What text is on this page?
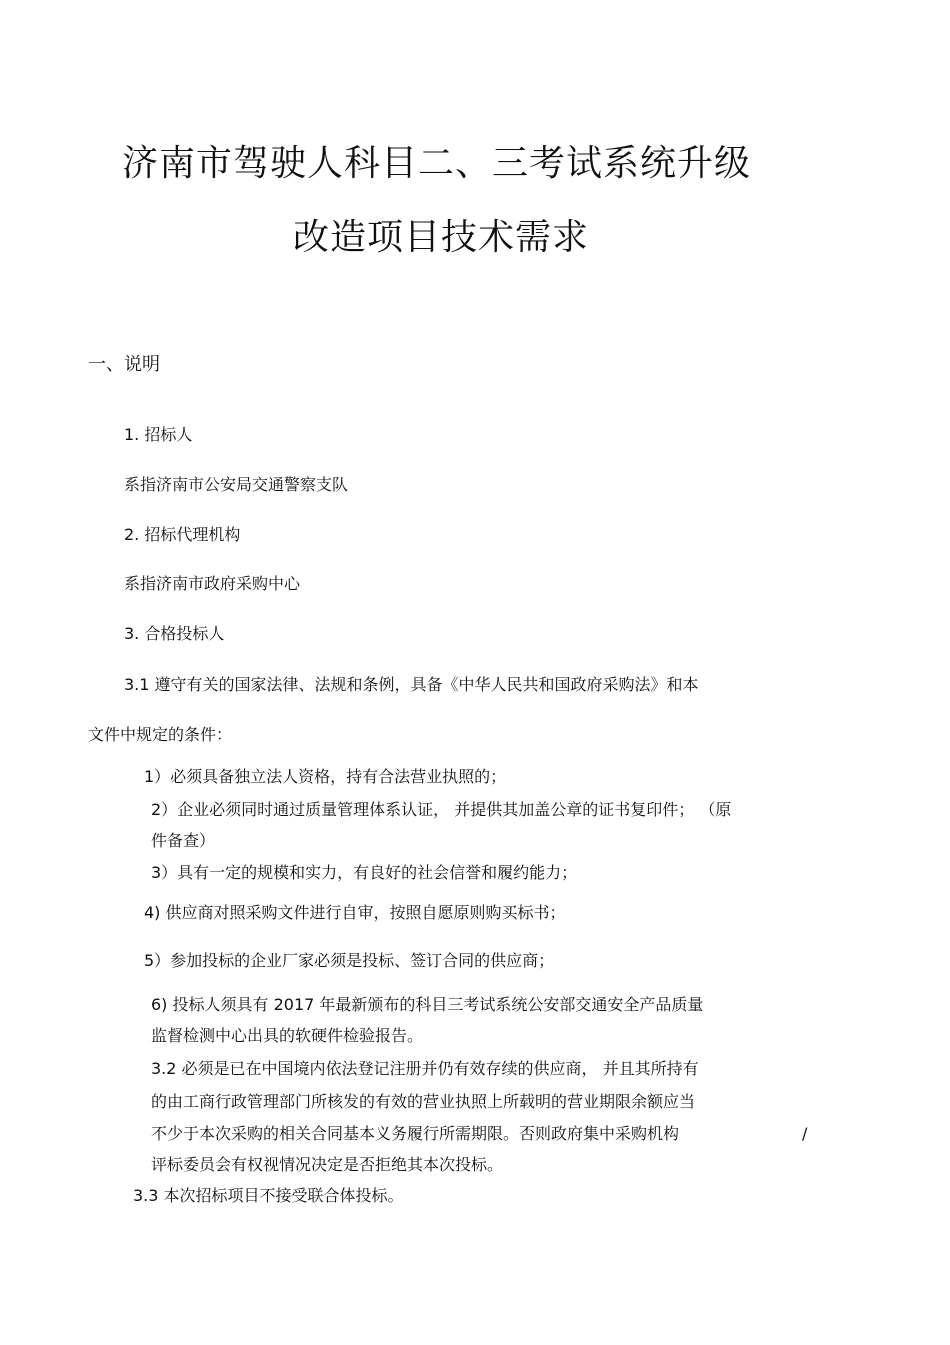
济南市驾驶人科目二、三考试系统升级
改造项目技术需求
一、说明
1. 招标人
系指济南市公安局交通警察支队
2. 招标代理机构
系指济南市政府采购中心
3. 合格投标人
3.1 遵守有关的国家法律、法规和条例，具备《中华人民共和国政府采购法》和本
文件中规定的条件：
1）必须具备独立法人资格，持有合法营业执照的；
2）企业必须同时通过质量管理体系认证， 并提供其加盖公章的证书复印件； （原
件备查）
3）具有一定的规模和实力，有良好的社会信誉和履约能力；
4) 供应商对照采购文件进行自审，按照自愿原则购买标书；
5）参加投标的企业厂家必须是投标、签订合同的供应商；
6) 投标人须具有 2017 年最新颁布的科目三考试系统公安部交通安全产品质量
监督检测中心出具的软硬件检验报告。
3.2 必须是已在中国境内依法登记注册并仍有效存续的供应商， 并且其所持有
的由工商行政管理部门所核发的有效的营业执照上所载明的营业期限余额应当
不少于本次采购的相关合同基本义务履行所需期限。否则政府集中采购机构	/
评标委员会有权视情况决定是否拒绝其本次投标。
3.3 本次招标项目不接受联合体投标。
